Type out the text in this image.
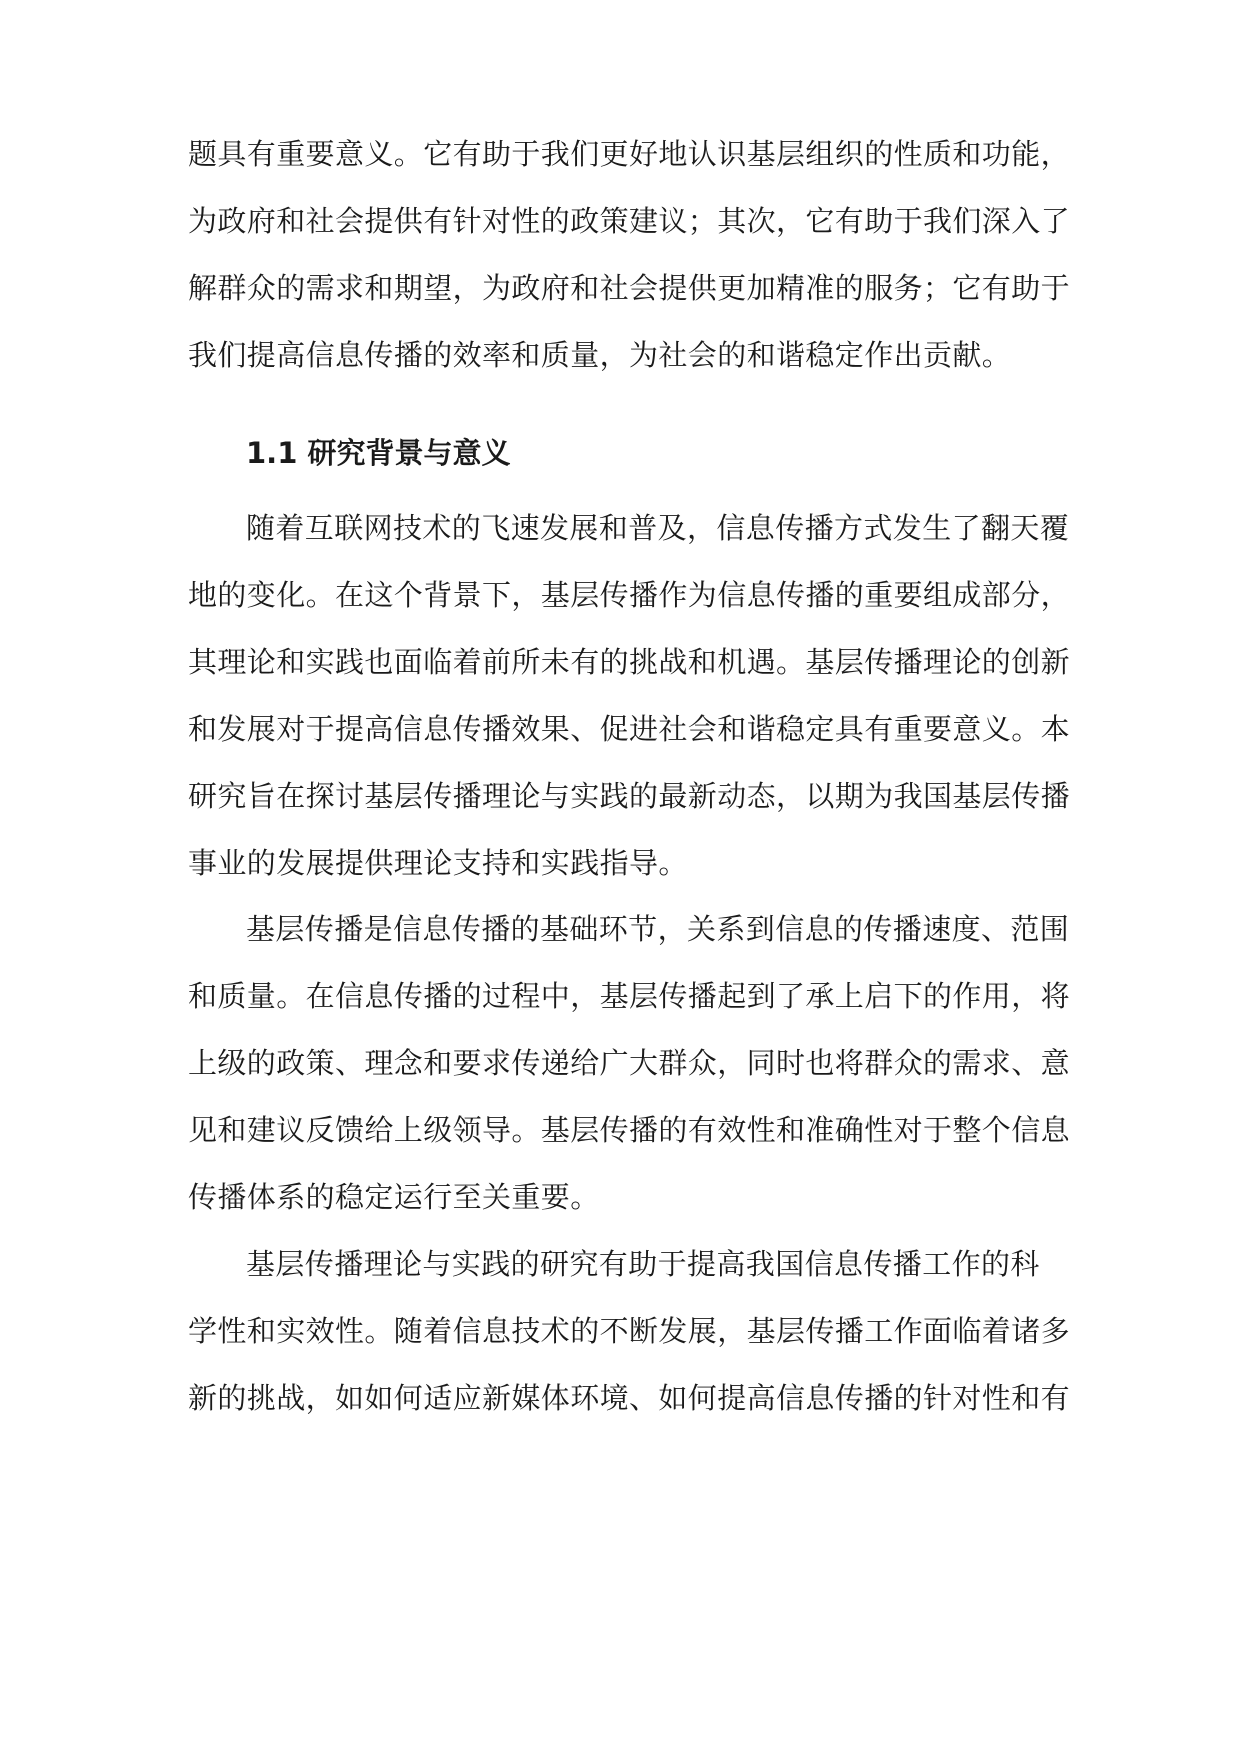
题具有重要意义。它有助于我们更好地认识基层组织的性质和功能，
为政府和社会提供有针对性的政策建议；其次，它有助于我们深入了
解群众的需求和期望，为政府和社会提供更加精准的服务；它有助于
我们提高信息传播的效率和质量，为社会的和谐稳定作出贡献。
1.1 研究背景与意义
随着互联网技术的飞速发展和普及，信息传播方式发生了翻天覆
地的变化。在这个背景下，基层传播作为信息传播的重要组成部分，
其理论和实践也面临着前所未有的挑战和机遇。基层传播理论的创新
和发展对于提高信息传播效果、促进社会和谐稳定具有重要意义。本
研究旨在探讨基层传播理论与实践的最新动态，以期为我国基层传播
事业的发展提供理论支持和实践指导。
基层传播是信息传播的基础环节，关系到信息的传播速度、范围
和质量。在信息传播的过程中，基层传播起到了承上启下的作用，将
上级的政策、理念和要求传递给广大群众，同时也将群众的需求、意
见和建议反馈给上级领导。基层传播的有效性和准确性对于整个信息
传播体系的稳定运行至关重要。
基层传播理论与实践的研究有助于提高我国信息传播工作的科
学性和实效性。随着信息技术的不断发展，基层传播工作面临着诸多
新的挑战，如如何适应新媒体环境、如何提高信息传播的针对性和有
